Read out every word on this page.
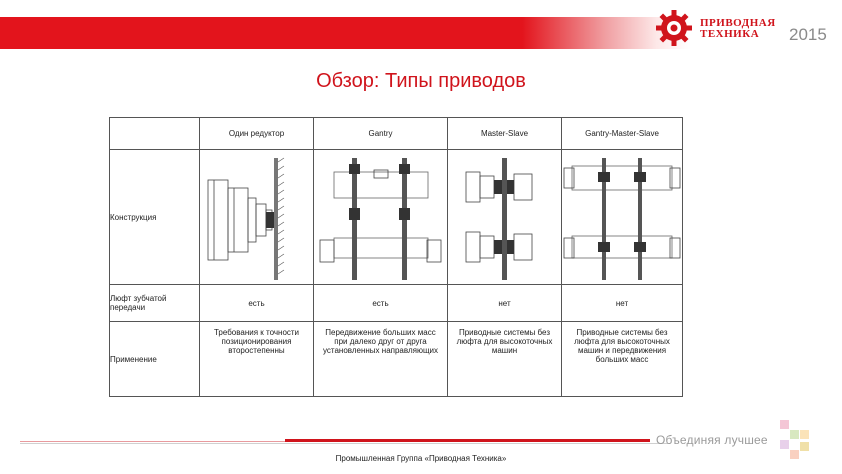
ПРИВОДНАЯ
ТЕХНИКА	2015
Обзор: Типы приводов
	Один редуктор	Gantry	Master-Slave	Gantry-Master-Slave
Конструкция	

Люфт зубчатой передачи	есть	есть	нет	нет
Применение	Требования к точности позиционирования второстепенны	Передвижение больших масс при далеко друг от друга установленных направляющих	Приводные системы без люфта для высокоточных машин	Приводные системы без люфта для высокоточных машин и передвижения больших масс
Объединяя лучшее
Промышленная Группа «Приводная Техника»
